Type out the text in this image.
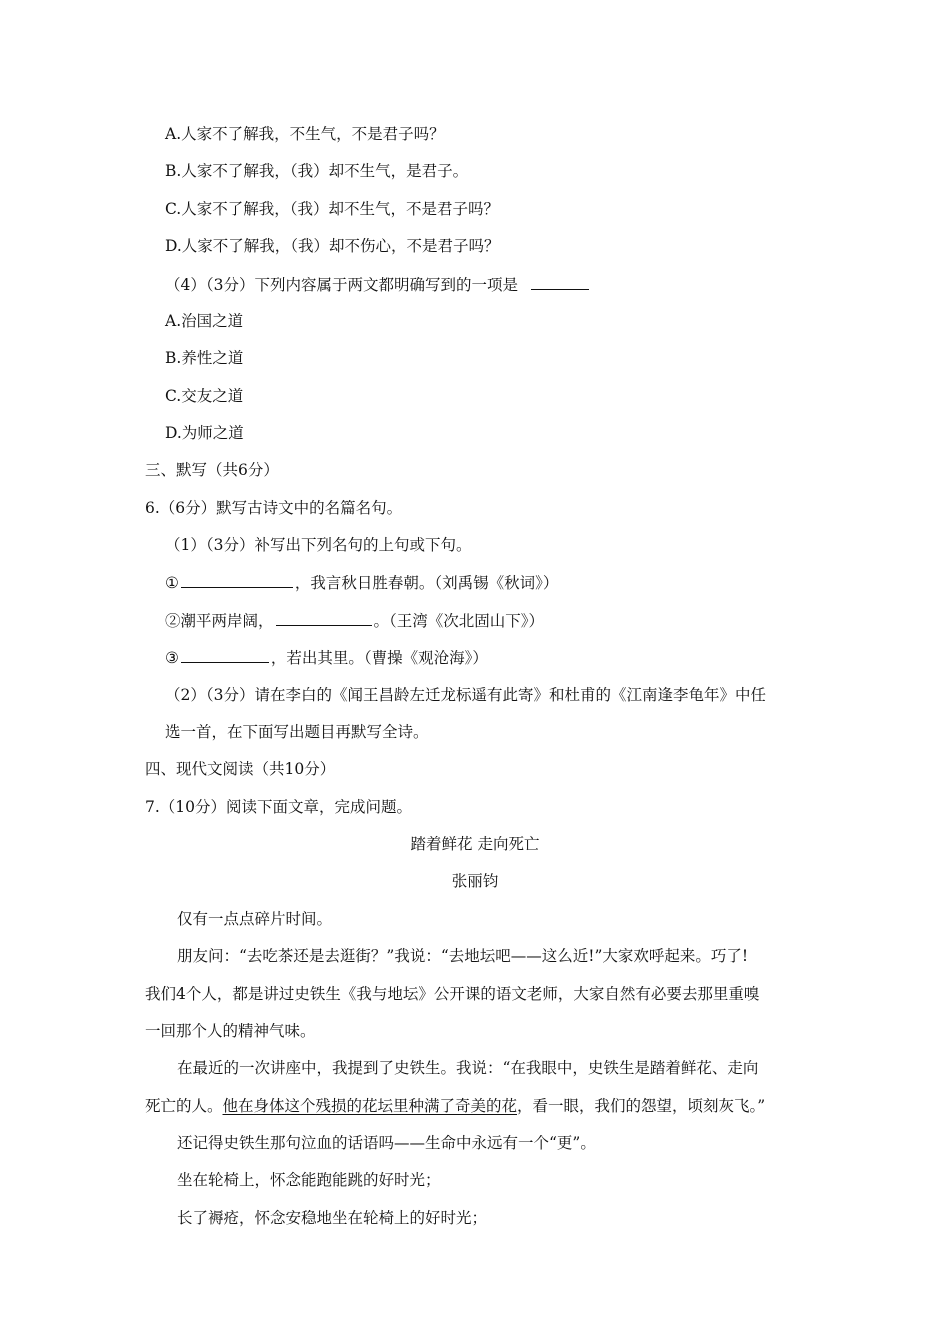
A.人家不了解我，不生气，不是君子吗？
B.人家不了解我，（我）却不生气，是君子。
C.人家不了解我，（我）却不生气，不是君子吗？
D.人家不了解我，（我）却不伤心，不是君子吗？
（4）（3分）下列内容属于两文都明确写到的一项是
A.治国之道
B.养性之道
C.交友之道
D.为师之道
三、默写（共6分）
6.（6分）默写古诗文中的名篇名句。
（1）（3分）补写出下列名句的上句或下句。
①	，我言秋日胜春朝。（刘禹锡《秋词》）
②潮平两岸阔，	。（王湾《次北固山下》）
③	，若出其里。（曹操《观沧海》）
（2）（3分）请在李白的《闻王昌龄左迁龙标遥有此寄》和杜甫的《江南逢李龟年》中任
选一首，在下面写出题目再默写全诗。
四、现代文阅读（共10分）
7.（10分）阅读下面文章，完成问题。
踏着鲜花 走向死亡
张丽钧
仅有一点点碎片时间。
朋友问：“去吃茶还是去逛街？”我说：“去地坛吧——这么近!”大家欢呼起来。巧了!
我们4个人，都是讲过史铁生《我与地坛》公开课的语文老师，大家自然有必要去那里重嗅
一回那个人的精神气味。
在最近的一次讲座中，我提到了史铁生。我说：“在我眼中，史铁生是踏着鲜花、走向
死亡的人。他在身体这个残损的花坛里种满了奇美的花，看一眼，我们的怨望，顷刻灰飞。”
还记得史铁生那句泣血的话语吗——生命中永远有一个“更”。
坐在轮椅上，怀念能跑能跳的好时光；
长了褥疮，怀念安稳地坐在轮椅上的好时光；
